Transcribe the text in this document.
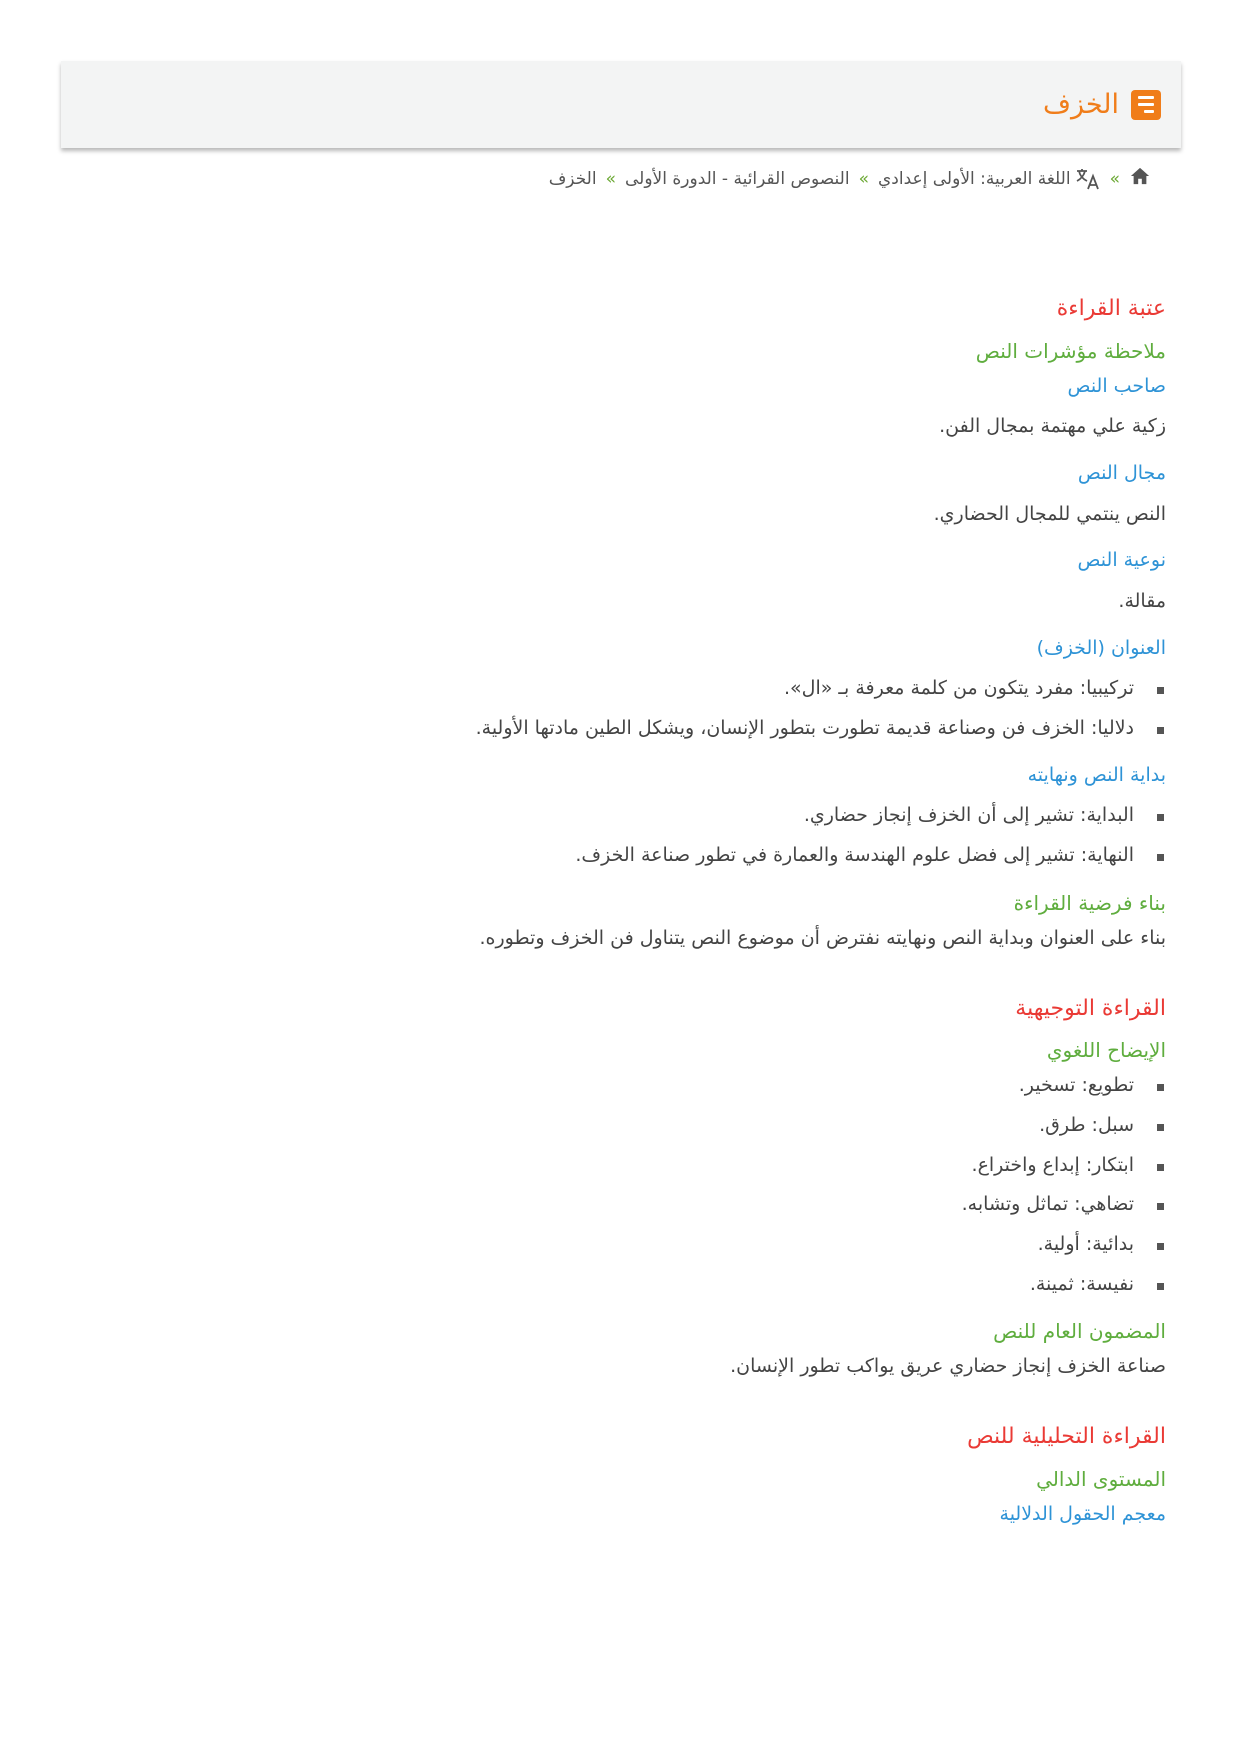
الخزف
»
اللغة العربية: الأولى إعدادي
»
النصوص القرائية - الدورة الأولى
»
الخزف
عتبة القراءة
ملاحظة مؤشرات النص
صاحب النص
زكية علي مهتمة بمجال الفن.
مجال النص
النص ينتمي للمجال الحضاري.
نوعية النص
مقالة.
العنوان (الخزف)
تركيبيا: مفرد يتكون من كلمة معرفة بـ «ال».
دلاليا: الخزف فن وصناعة قديمة تطورت بتطور الإنسان، ويشكل الطين مادتها الأولية.
بداية النص ونهايته
البداية: تشير إلى أن الخزف إنجاز حضاري.
النهاية: تشير إلى فضل علوم الهندسة والعمارة في تطور صناعة الخزف.
بناء فرضية القراءة
بناء على العنوان وبداية النص ونهايته نفترض أن موضوع النص يتناول فن الخزف وتطوره.
القراءة التوجيهية
الإيضاح اللغوي
تطويع: تسخير.
سبل: طرق.
ابتكار: إبداع واختراع.
تضاهي: تماثل وتشابه.
بدائية: أولية.
نفيسة: ثمينة.
المضمون العام للنص
صناعة الخزف إنجاز حضاري عريق يواكب تطور الإنسان.
القراءة التحليلية للنص
المستوى الدالي
معجم الحقول الدلالية
